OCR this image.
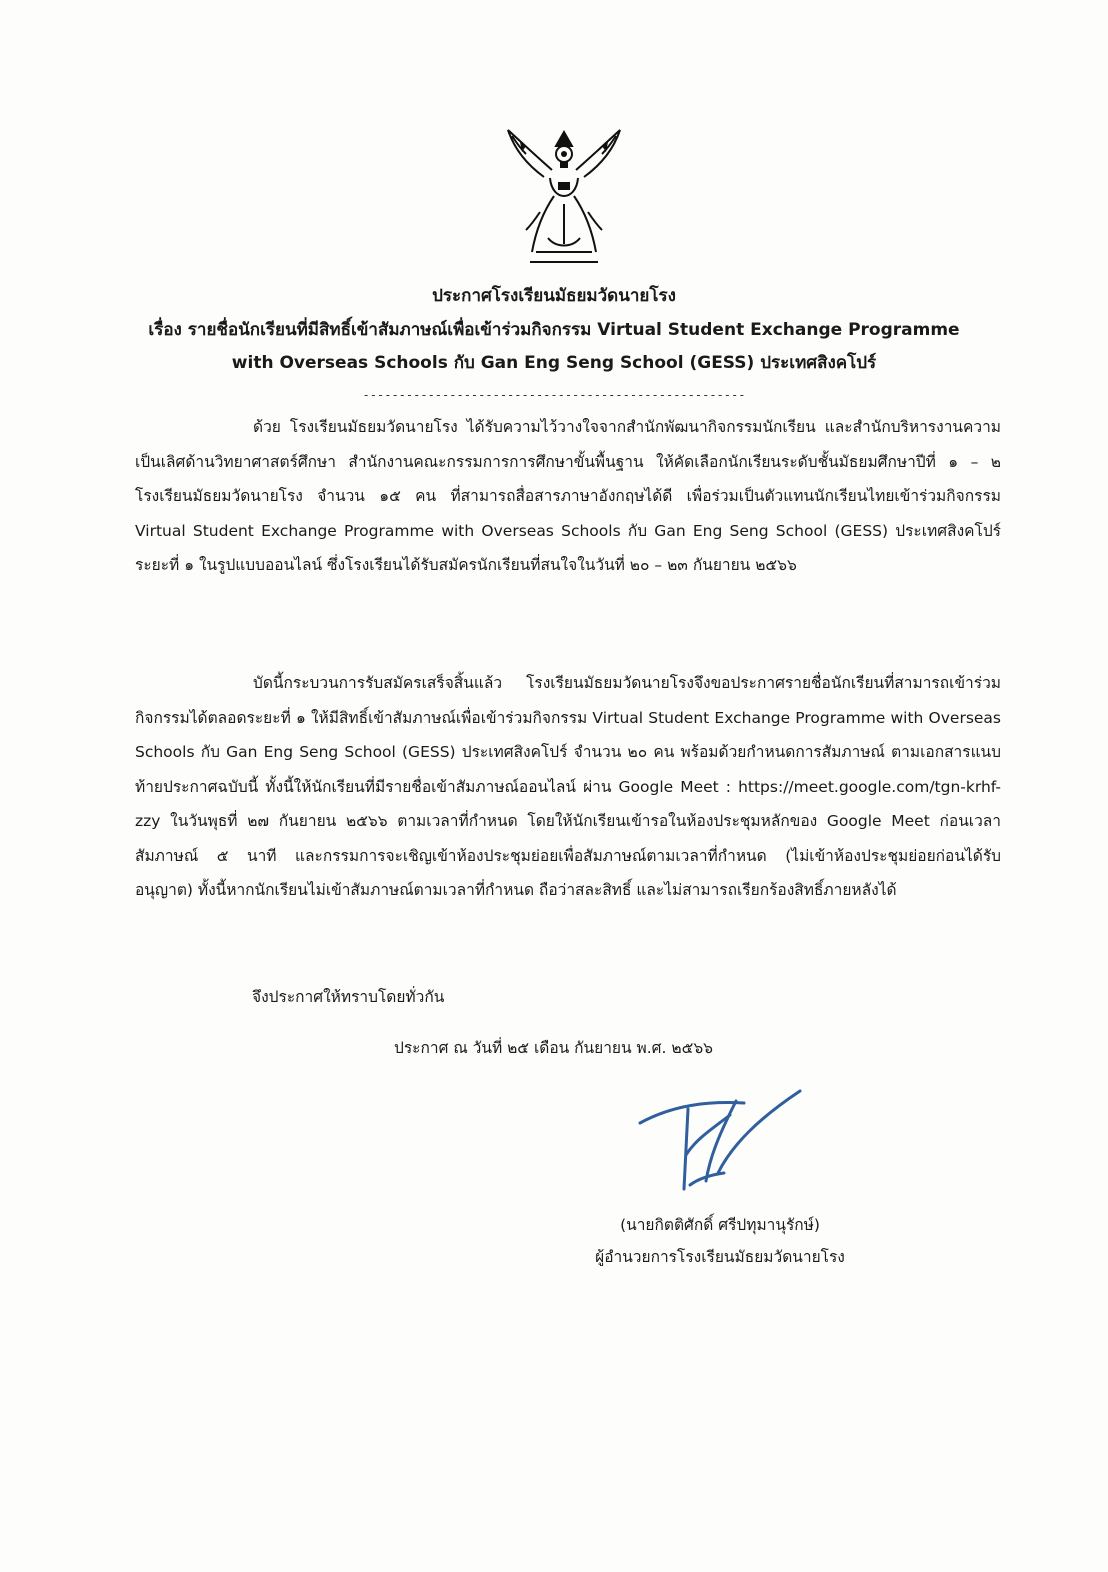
ประกาศโรงเรียนมัธยมวัดนายโรง
เรื่อง รายชื่อนักเรียนที่มีสิทธิ์เข้าสัมภาษณ์เพื่อเข้าร่วมกิจกรรม Virtual Student Exchange Programme
with Overseas Schools กับ Gan Eng Seng School (GESS) ประเทศสิงคโปร์
-----------------------------------------------------
ด้วย โรงเรียนมัธยมวัดนายโรง ได้รับความไว้วางใจจากสำนักพัฒนากิจกรรมนักเรียน และสำนักบริหารงานความเป็นเลิศด้านวิทยาศาสตร์ศึกษา สำนักงานคณะกรรมการการศึกษาขั้นพื้นฐาน ให้คัดเลือกนักเรียนระดับชั้นมัธยมศึกษาปีที่ ๑ – ๒ โรงเรียนมัธยมวัดนายโรง จำนวน ๑๕ คน ที่สามารถสื่อสารภาษาอังกฤษได้ดี เพื่อร่วมเป็นตัวแทนนักเรียนไทยเข้าร่วมกิจกรรม Virtual Student Exchange Programme with Overseas Schools กับ Gan Eng Seng School (GESS) ประเทศสิงคโปร์ ระยะที่ ๑ ในรูปแบบออนไลน์ ซึ่งโรงเรียนได้รับสมัครนักเรียนที่สนใจในวันที่ ๒๐ – ๒๓ กันยายน ๒๕๖๖
บัดนี้กระบวนการรับสมัครเสร็จสิ้นแล้ว โรงเรียนมัธยมวัดนายโรงจึงขอประกาศรายชื่อนักเรียนที่สามารถเข้าร่วมกิจกรรมได้ตลอดระยะที่ ๑ ให้มีสิทธิ์เข้าสัมภาษณ์เพื่อเข้าร่วมกิจกรรม Virtual Student Exchange Programme with Overseas Schools กับ Gan Eng Seng School (GESS) ประเทศสิงคโปร์ จำนวน ๒๐ คน พร้อมด้วยกำหนดการสัมภาษณ์ ตามเอกสารแนบท้ายประกาศฉบับนี้ ทั้งนี้ให้นักเรียนที่มีรายชื่อเข้าสัมภาษณ์ออนไลน์ ผ่าน Google Meet : https://meet.google.com/tgn-krhf-zzy ในวันพุธที่ ๒๗ กันยายน ๒๕๖๖ ตามเวลาที่กำหนด โดยให้นักเรียนเข้ารอในห้องประชุมหลักของ Google Meet ก่อนเวลาสัมภาษณ์ ๕ นาที และกรรมการจะเชิญเข้าห้องประชุมย่อยเพื่อสัมภาษณ์ตามเวลาที่กำหนด (ไม่เข้าห้องประชุมย่อยก่อนได้รับอนุญาต) ทั้งนี้หากนักเรียนไม่เข้าสัมภาษณ์ตามเวลาที่กำหนด ถือว่าสละสิทธิ์ และไม่สามารถเรียกร้องสิทธิ์ภายหลังได้
จึงประกาศให้ทราบโดยทั่วกัน
ประกาศ ณ วันที่ ๒๕ เดือน กันยายน พ.ศ. ๒๕๖๖
(นายกิตติศักดิ์ ศรีปทุมานุรักษ์)
ผู้อำนวยการโรงเรียนมัธยมวัดนายโรง
